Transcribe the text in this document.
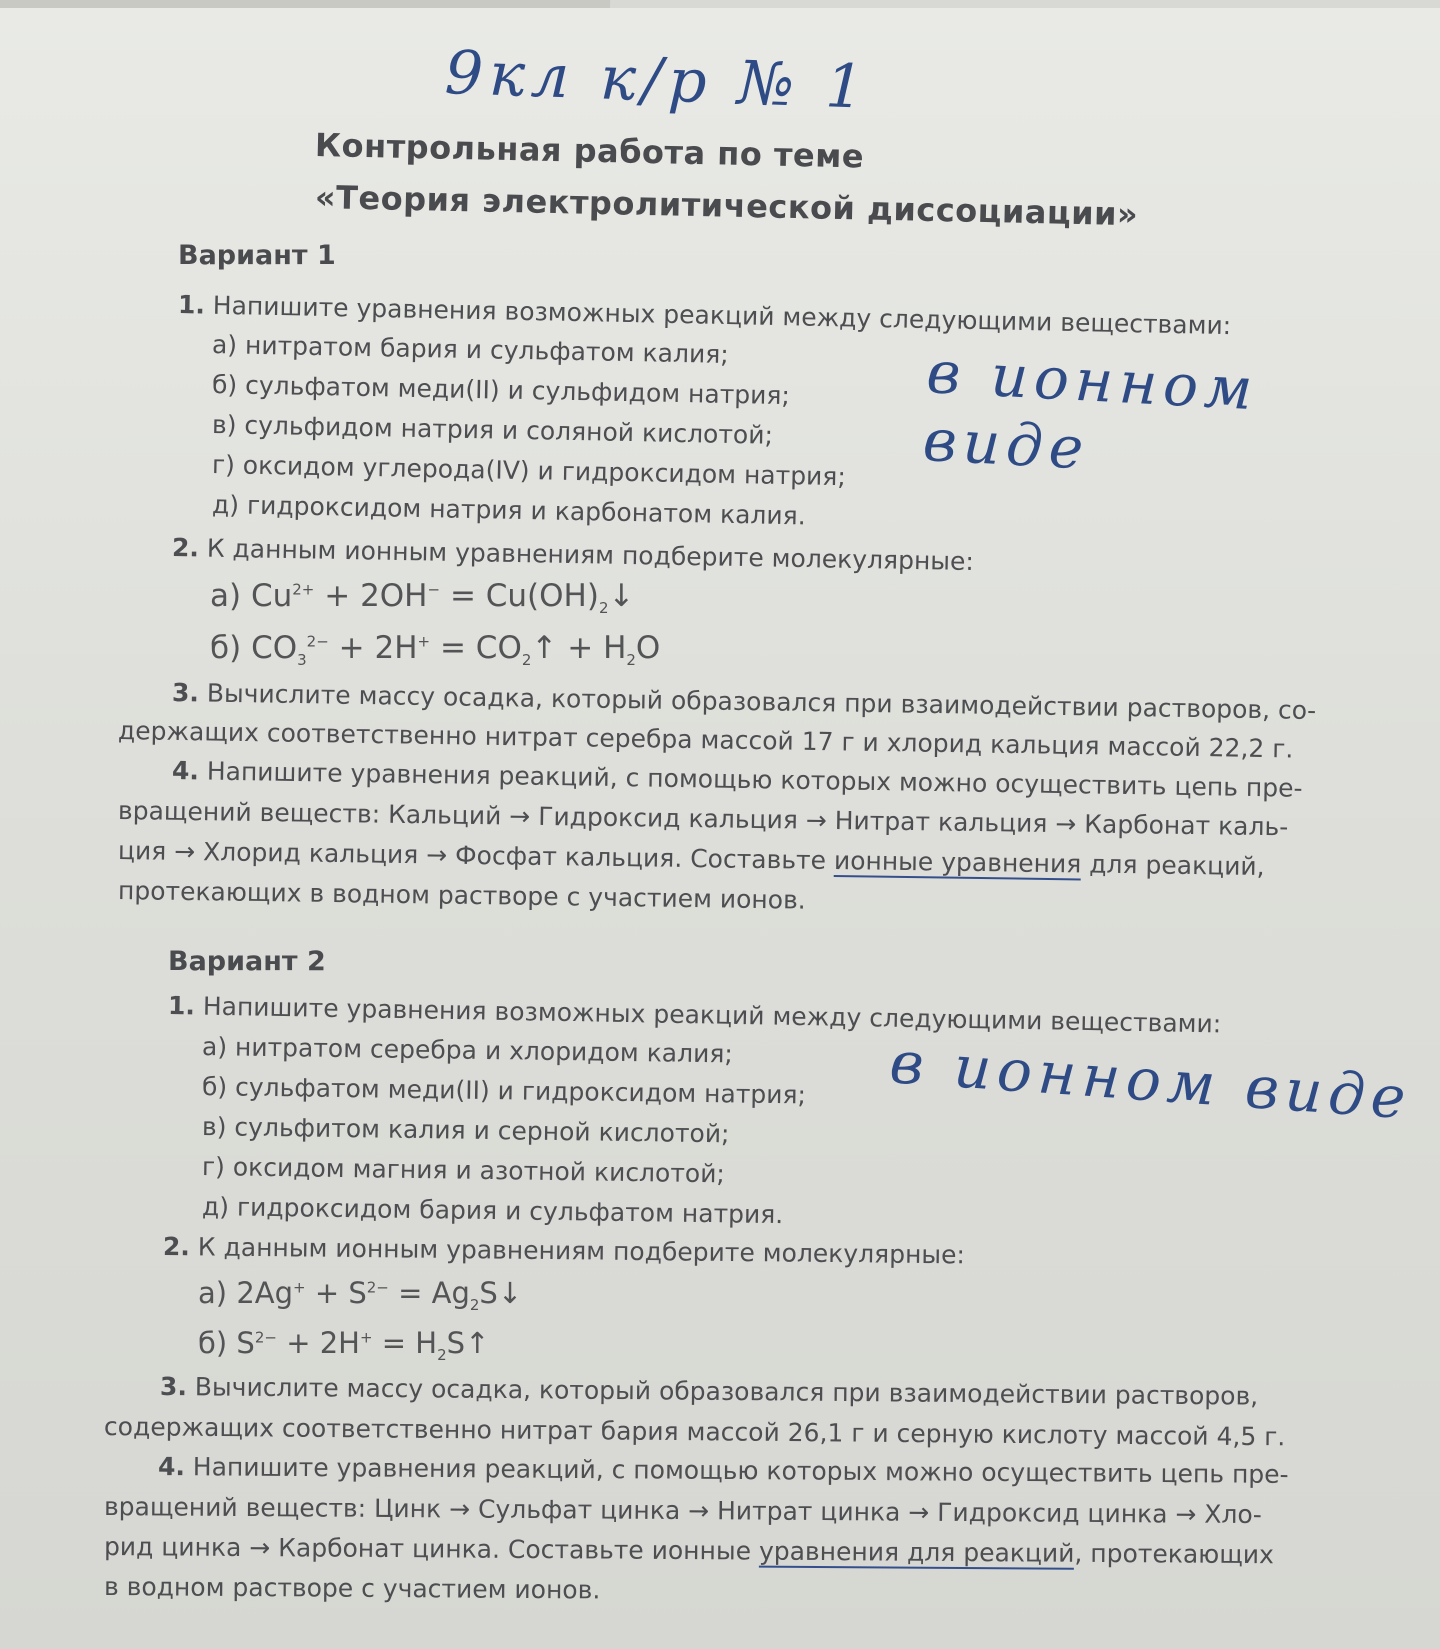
9кл к/р № 1
Контрольная работа по теме
«Теория электролитической диссоциации»
Вариант 1
1. Напишите уравнения возможных реакций между следующими веществами:
а) нитратом бария и сульфатом калия;
б) сульфатом меди(II) и сульфидом натрия;
в) сульфидом натрия и соляной кислотой;
г) оксидом углерода(IV) и гидроксидом натрия;
д) гидроксидом натрия и карбонатом калия.
в ионном виде
2. К данным ионным уравнениям подберите молекулярные:
а) $Cu^{2+} + 2OH^-$ = $Cu(OH)_2↓$
б) $CO_3^{2-} + 2H^+$ = $CO_2↑ + H_2O$
3. Вычислите массу осадка, который образовался при взаимодействии растворов, со-
держащих соответственно нитрат серебра массой 17 г и хлорид кальция массой 22,2 г.
4. Напишите уравнения реакций, с помощью которых можно осуществить цепь пре-
вращений веществ: Кальций → Гидроксид кальция → Нитрат кальция → Карбонат каль-
ция → Хлорид кальция → Фосфат кальция. Составьте ионные уравнения для реакций,
протекающих в водном растворе с участием ионов.
Вариант 2
1. Напишите уравнения возможных реакций между следующими веществами:
а) нитратом серебра и хлоридом калия;
б) сульфатом меди(II) и гидроксидом натрия;
в) сульфитом калия и серной кислотой;
г) оксидом магния и азотной кислотой;
д) гидроксидом бария и сульфатом натрия.
в ионном виде
2. К данным ионным уравнениям подберите молекулярные:
а) $2Ag^+ + S^{2-}$ = $Ag_2S↓$
б) $S^{2-} + 2H^+$ = $H_2S↑$
3. Вычислите массу осадка, который образовался при взаимодействии растворов,
содержащих соответственно нитрат бария массой 26,1 г и серную кислоту массой 4,5 г.
4. Напишите уравнения реакций, с помощью которых можно осуществить цепь пре-
вращений веществ: Цинк → Сульфат цинка → Нитрат цинка → Гидроксид цинка → Хло-
рид цинка → Карбонат цинка. Составьте ионные уравнения для реакций, протекающих
в водном растворе с участием ионов.
